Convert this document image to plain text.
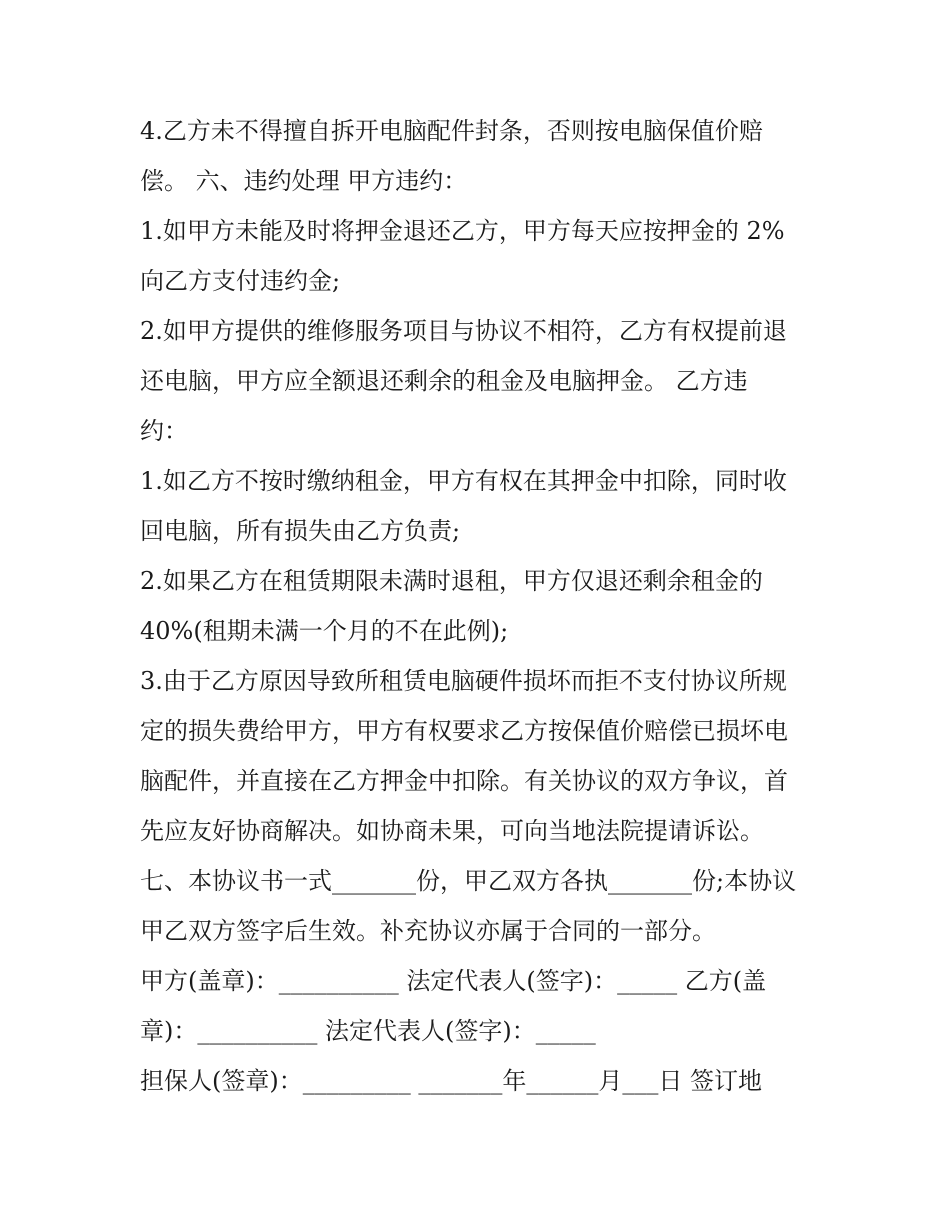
4.乙方未不得擅自拆开电脑配件封条，否则按电脑保值价赔
偿。 六、违约处理 甲方违约：
1.如甲方未能及时将押金退还乙方，甲方每天应按押金的 2%
向乙方支付违约金;
2.如甲方提供的维修服务项目与协议不相符，乙方有权提前退
还电脑，甲方应全额退还剩余的租金及电脑押金。 乙方违
约：
1.如乙方不按时缴纳租金，甲方有权在其押金中扣除，同时收
回电脑，所有损失由乙方负责;
2.如果乙方在租赁期限未满时退租，甲方仅退还剩余租金的
40%(租期未满一个月的不在此例);
3.由于乙方原因导致所租赁电脑硬件损坏而拒不支付协议所规
定的损失费给甲方，甲方有权要求乙方按保值价赔偿已损坏电
脑配件，并直接在乙方押金中扣除。有关协议的双方争议，首
先应友好协商解决。如协商未果，可向当地法院提请诉讼。
七、本协议书一式_______份，甲乙双方各执_______份;本协议
甲乙双方签字后生效。补充协议亦属于合同的一部分。
甲方(盖章)：__________ 法定代表人(签字)：_____ 乙方(盖
章)：__________ 法定代表人(签字)：_____
担保人(签章)：_________ _______年______月___日 签订地
